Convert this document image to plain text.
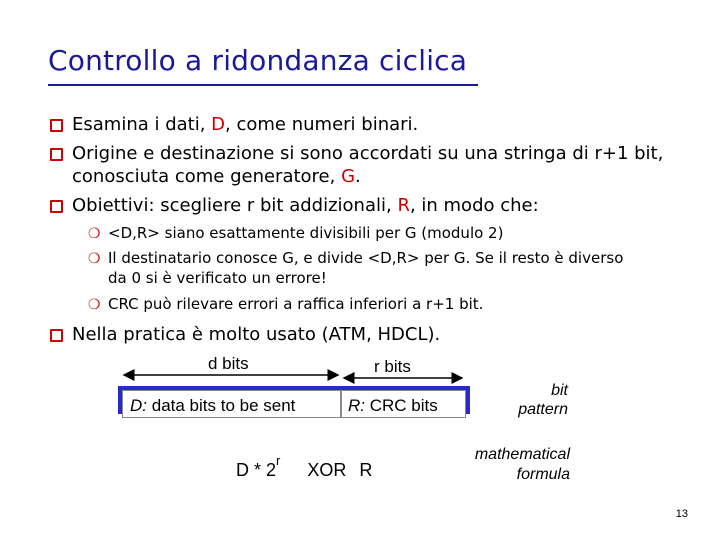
Controllo a ridondanza ciclica
Esamina i dati, D, come numeri binari.
Origine e destinazione si sono accordati su una stringa di r+1 bit,
conosciuta come generatore, G.
Obiettivi: scegliere r bit addizionali, R, in modo che:
❍ <D,R> siano esattamente divisibili per G (modulo 2)
❍ Il destinatario conosce G, e divide <D,R> per G. Se il resto è diverso
da 0 si è verificato un errore!
❍ CRC può rilevare errori a raffica inferiori a r+1 bit.
Nella pratica è molto usato (ATM, HDCL).
d bits	r bits
D: data bits to be sent	R: CRC bits
bit
pattern
D * 2$^r$ XOR R
mathematical
formula
13
